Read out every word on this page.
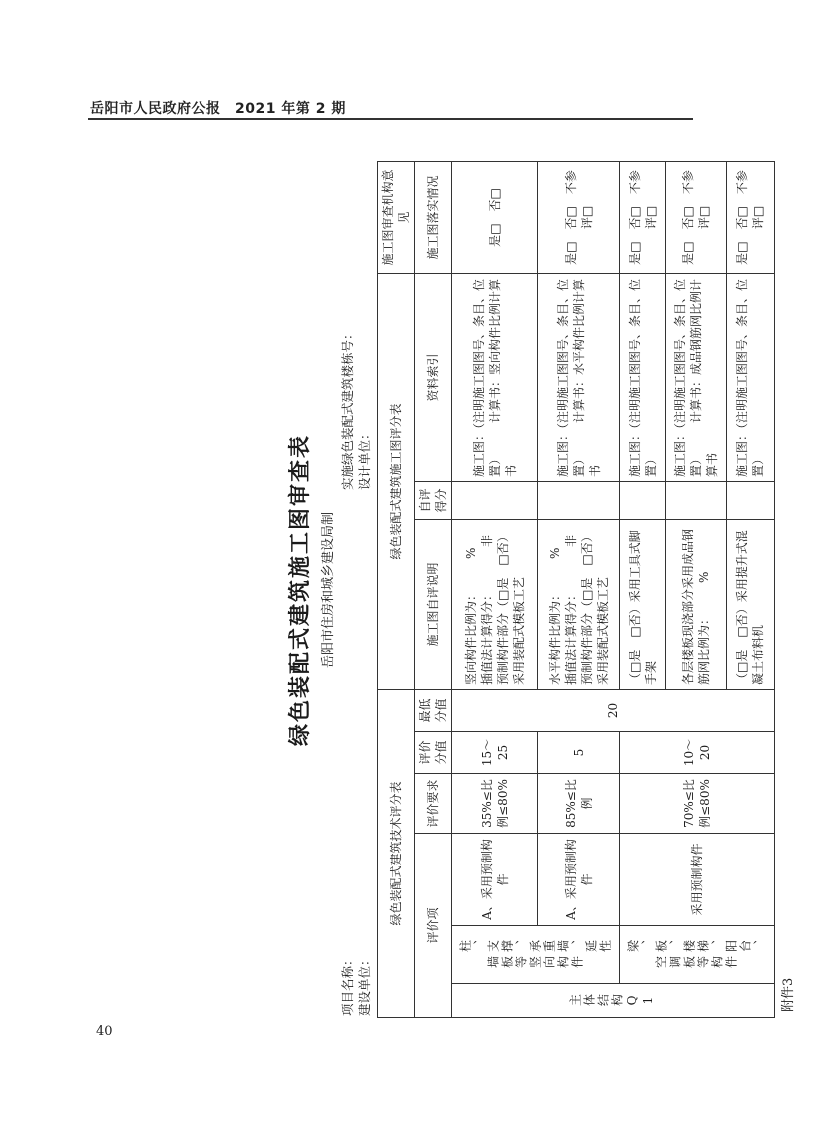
岳阳市人民政府公报　2021 年第 2 期
40
附件3
绿色装配式建筑施工图审查表 岳阳市住房和城乡建设局制
项目名称： 建设单位：
实施绿色装配式建筑楼栋号： 设计单位：
绿色装配式建筑技术评分表						绿色装配式建筑施工图评分表			施工图审查机构意见
评价项			评价要求	评价分值	最低分值	施工图自评说明	自评得分	资料索引	施工图落实情况

主体结构Q1	柱、支撑、承重墙、延性墙板等竖向构件	A、采用预制构件	35%≤比例≤80%	15～25	20	竖向构件比例为：　　　%　　　插值法计算得分：　　　　非预制构件部分（□是　□否）采用装配式模板工艺		施工图：（注明施工图图号、条目、位置）　　　计算书：竖向构件比例计算书	是□　否□
		A、采用预制构件	85%≤比例	5		水平构件比例为：　　　%　　　插值法计算得分：　　　　非预制构件部分（□是　□否）采用装配式模板工艺		施工图：（注明施工图图号、条目、位置）　　　计算书：水平构件比例计算书	是□　否□　不参评□

	梁、板、楼梯、阳台、空调板等构件	采用预制构件	70%≤比例≤80%	10～20		（□是　□否）采用工具式脚手架		施工图：（注明施工图图号、条目、位置）	是□　否□　不参评□
						各层楼板现浇部分采用成品钢筋网比例为：　　　%		施工图：（注明施工图图号、条目、位置）　　　计算书：成品钢筋网比例计算书	是□　否□　不参评□
						（□是　□否）采用提升式混凝土布料机		施工图：（注明施工图图号、条目、位置）	是□　否□　不参评□
